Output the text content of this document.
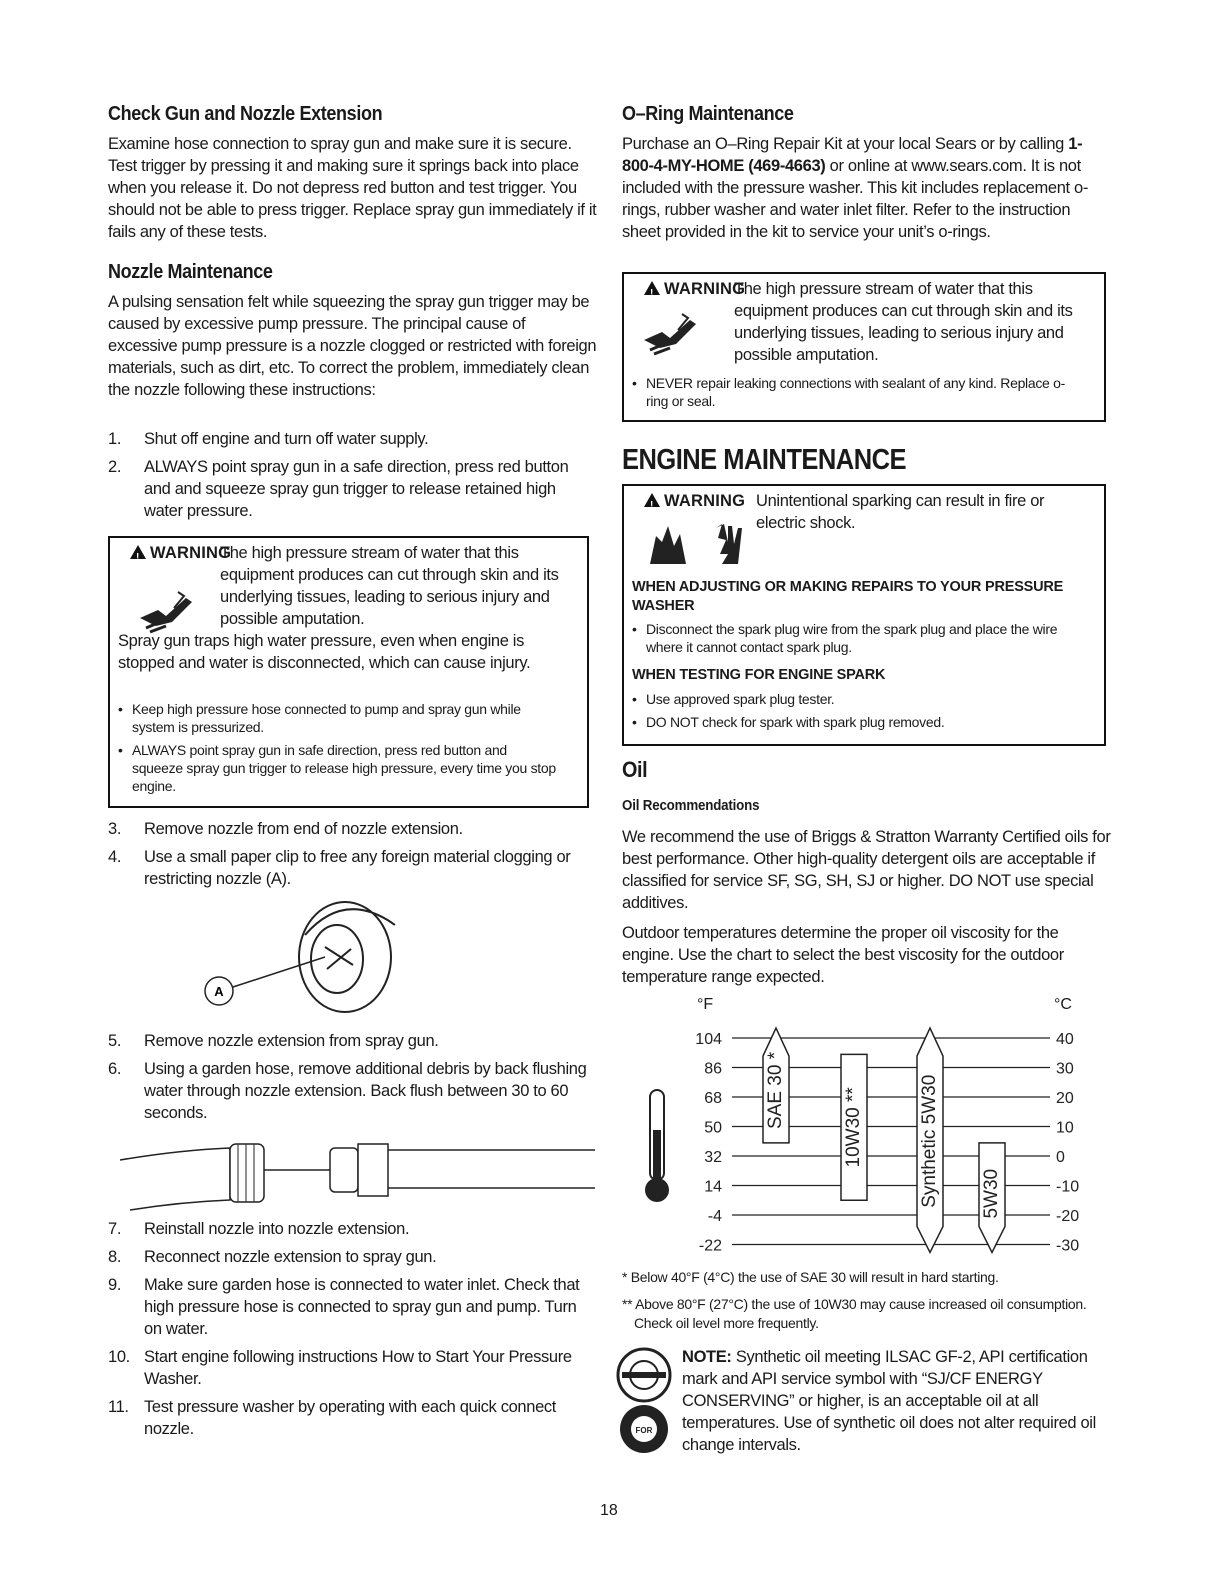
Check Gun and Nozzle Extension

Examine hose connection to spray gun and make sure it is secure. Test trigger by pressing it and making sure it springs back into place when you release it. Do not depress red button and test trigger. You should not be able to press trigger. Replace spray gun immediately if it fails any of these tests.

Nozzle Maintenance

A pulsing sensation felt while squeezing the spray gun trigger may be caused by excessive pump pressure. The principal cause of excessive pump pressure is a nozzle clogged or restricted with foreign materials, such as dirt, etc. To correct the problem, immediately clean the nozzle following these instructions:

1. Shut off engine and turn off water supply.
2. ALWAYS point spray gun in a safe direction, press red button and and squeeze spray gun trigger to release retained high water pressure.
!WARNING
The high pressure stream of water that this equipment produces can cut through skin and its underlying tissues, leading to serious injury and possible amputation.

Spray gun traps high water pressure, even when engine is stopped and water is disconnected, which can cause injury.

• Keep high pressure hose connected to pump and spray gun while system is pressurized.
• ALWAYS point spray gun in safe direction, press red button and squeeze spray gun trigger to release high pressure, every time you stop engine.
3. Remove nozzle from end of nozzle extension.
4. Use a small paper clip to free any foreign material clogging or restricting nozzle (A).
A
5. Remove nozzle extension from spray gun.
6. Using a garden hose, remove additional debris by back flushing water through nozzle extension. Back flush between 30 to 60 seconds.
7. Reinstall nozzle into nozzle extension.
8. Reconnect nozzle extension to spray gun.
9. Make sure garden hose is connected to water inlet. Check that high pressure hose is connected to spray gun and pump. Turn on water.
10. Start engine following instructions How to Start Your Pressure Washer.
11. Test pressure washer by operating with each quick connect nozzle.
O–Ring Maintenance

Purchase an O–Ring Repair Kit at your local Sears or by calling 1-800-4-MY-HOME (469-4663) or online at www.sears.com. It is not included with the pressure washer. This kit includes replacement o-rings, rubber washer and water inlet filter. Refer to the instruction sheet provided in the kit to service your unit’s o-rings.

!WARNING
The high pressure stream of water that this equipment produces can cut through skin and its underlying tissues, leading to serious injury and possible amputation.
• NEVER repair leaking connections with sealant of any kind. Replace o-ring or seal.
ENGINE MAINTENANCE
!WARNING Unintentional sparking can result in fire or electric shock.
WHEN ADJUSTING OR MAKING REPAIRS TO YOUR PRESSURE WASHER
• Disconnect the spark plug wire from the spark plug and place the wire where it cannot contact spark plug.
WHEN TESTING FOR ENGINE SPARK
• Use approved spark plug tester.
• DO NOT check for spark with spark plug removed.
Oil
Oil Recommendations

We recommend the use of Briggs & Stratton Warranty Certified oils for best performance. Other high-quality detergent oils are acceptable if classified for service SF, SG, SH, SJ or higher. DO NOT use special additives.

Outdoor temperatures determine the proper oil viscosity for the engine. Use the chart to select the best viscosity for the outdoor temperature range expected.

°F	°C
104	40
86	30
68	20
50	10
32	0
14	-10
-4	-20
-22	-30
SAE 30 *	10W30 **	Synthetic 5W30 5W30
* Below 40°F (4°C) the use of SAE 30 will result in hard starting.
** Above 80°F (27°C) the use of 10W30 may cause increased oil consumption. Check oil level more frequently.
FOR
NOTE: Synthetic oil meeting ILSAC GF-2, API certification mark and API service symbol with “SJ/CF ENERGY CONSERVING” or higher, is an acceptable oil at all temperatures. Use of synthetic oil does not alter required oil change intervals.
18
